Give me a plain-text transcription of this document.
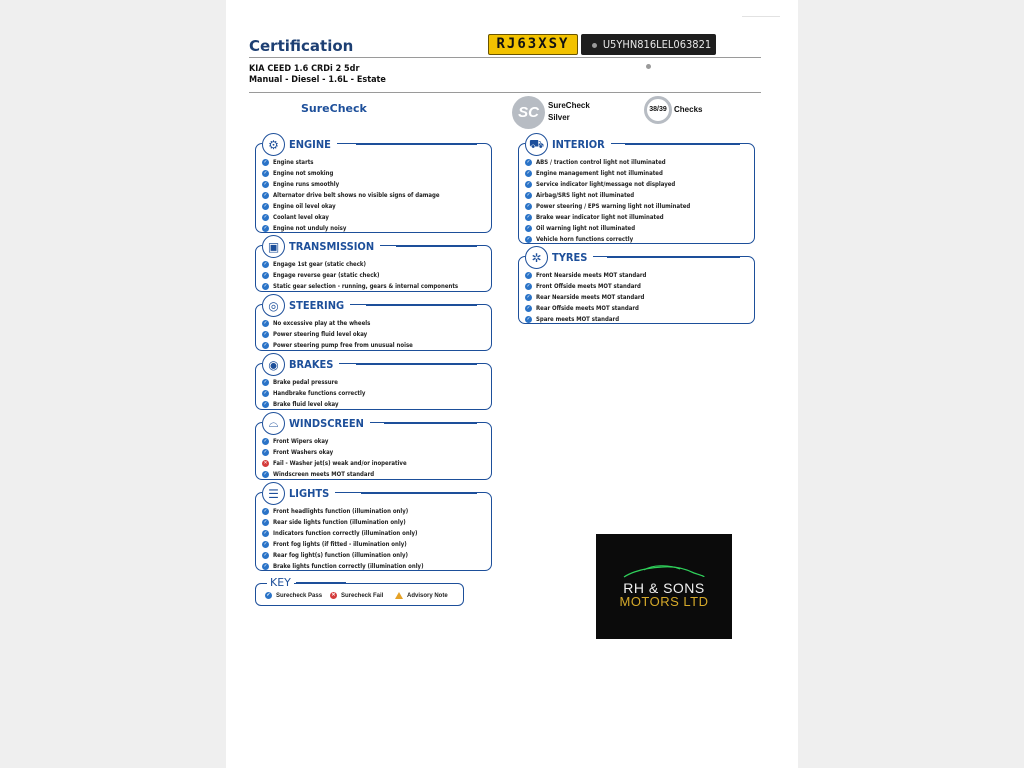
Certification	RJ63XSY	U5YHN816LEL063821
KIA CEED 1.6 CRDi 2 5dr
Manual - Diesel - 1.6L - Estate
SureCheck	SC	SureCheck
Silver
38/39 Checks
⚙ ENGINE
✓ Engine starts
✓ Engine not smoking
✓ Engine runs smoothly
✓ Alternator drive belt shows no visible signs of damage
✓ Engine oil level okay
✓ Coolant level okay
✓ Engine not unduly noisy
▣ TRANSMISSION
✓ Engage 1st gear (static check)
✓ Engage reverse gear (static check)
✓ Static gear selection - running, gears & internal components
◎ STEERING
✓ No excessive play at the wheels
✓ Power steering fluid level okay
✓ Power steering pump free from unusual noise
◉ BRAKES
✓ Brake pedal pressure
✓ Handbrake functions correctly
✓ Brake fluid level okay
⌓ WINDSCREEN
✓ Front Wipers okay
✓ Front Washers okay
✕ Fail - Washer jet(s) weak and/or inoperative
✓ Windscreen meets MOT standard
☰ LIGHTS
✓ Front headlights function (illumination only)
✓ Rear side lights function (illumination only)
✓ Indicators function correctly (illumination only)
✓ Front fog lights (if fitted - illumination only)
✓ Rear fog light(s) function (illumination only)
✓ Brake lights function correctly (illumination only)
⛟ INTERIOR
✓ ABS / traction control light not illuminated
✓ Engine management light not illuminated
✓ Service indicator light/message not displayed
✓ Airbag/SRS light not illuminated
✓ Power steering / EPS warning light not illuminated
✓ Brake wear indicator light not illuminated
✓ Oil warning light not illuminated
✓ Vehicle horn functions correctly
✲ TYRES
✓ Front Nearside meets MOT standard
✓ Front Offside meets MOT standard
✓ Rear Nearside meets MOT standard
✓ Rear Offside meets MOT standard
✓ Spare meets MOT standard
KEY
✓ Surecheck Pass ✕ Surecheck Fail	Advisory Note	RH & SONS
MOTORS LTD
